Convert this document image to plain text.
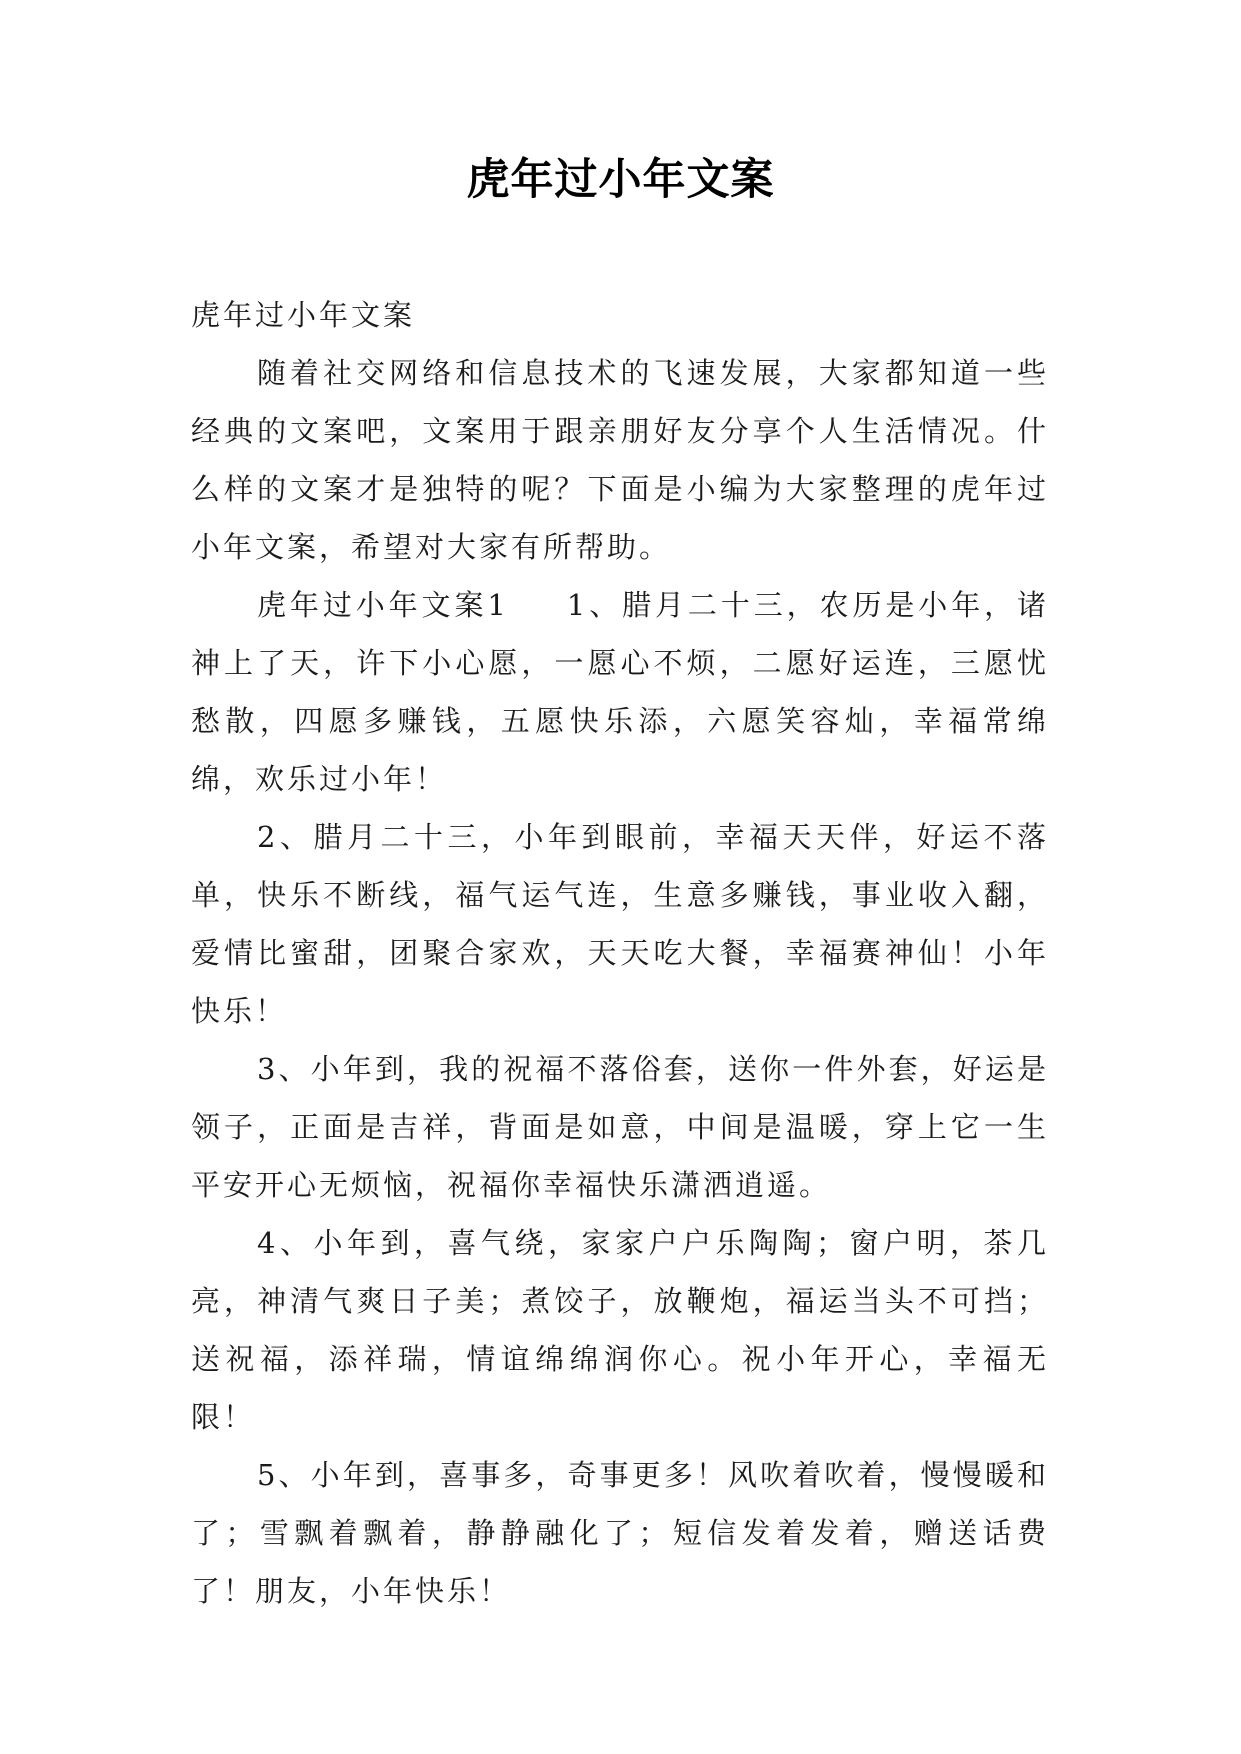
虎年过小年文案

虎年过小年文案

随着社交网络和信息技术的飞速发展，大家都知道一些经典的文案吧，文案用于跟亲朋好友分享个人生活情况。什么样的文案才是独特的呢？下面是小编为大家整理的虎年过小年文案，希望对大家有所帮助。

虎年过小年文案1 1、腊月二十三，农历是小年，诸神上了天，许下小心愿，一愿心不烦，二愿好运连，三愿忧愁散，四愿多赚钱，五愿快乐添，六愿笑容灿，幸福常绵绵，欢乐过小年！

2、腊月二十三，小年到眼前，幸福天天伴，好运不落单，快乐不断线，福气运气连，生意多赚钱，事业收入翻，爱情比蜜甜，团聚合家欢，天天吃大餐，幸福赛神仙！小年快乐！

3、小年到，我的祝福不落俗套，送你一件外套，好运是领子，正面是吉祥，背面是如意，中间是温暖，穿上它一生平安开心无烦恼，祝福你幸福快乐潇洒逍遥。

4、小年到，喜气绕，家家户户乐陶陶；窗户明，茶几亮，神清气爽日子美；煮饺子，放鞭炮，福运当头不可挡；送祝福，添祥瑞，情谊绵绵润你心。祝小年开心，幸福无限！

5、小年到，喜事多，奇事更多！风吹着吹着，慢慢暖和了；雪飘着飘着，静静融化了；短信发着发着，赠送话费了！朋友，小年快乐！
